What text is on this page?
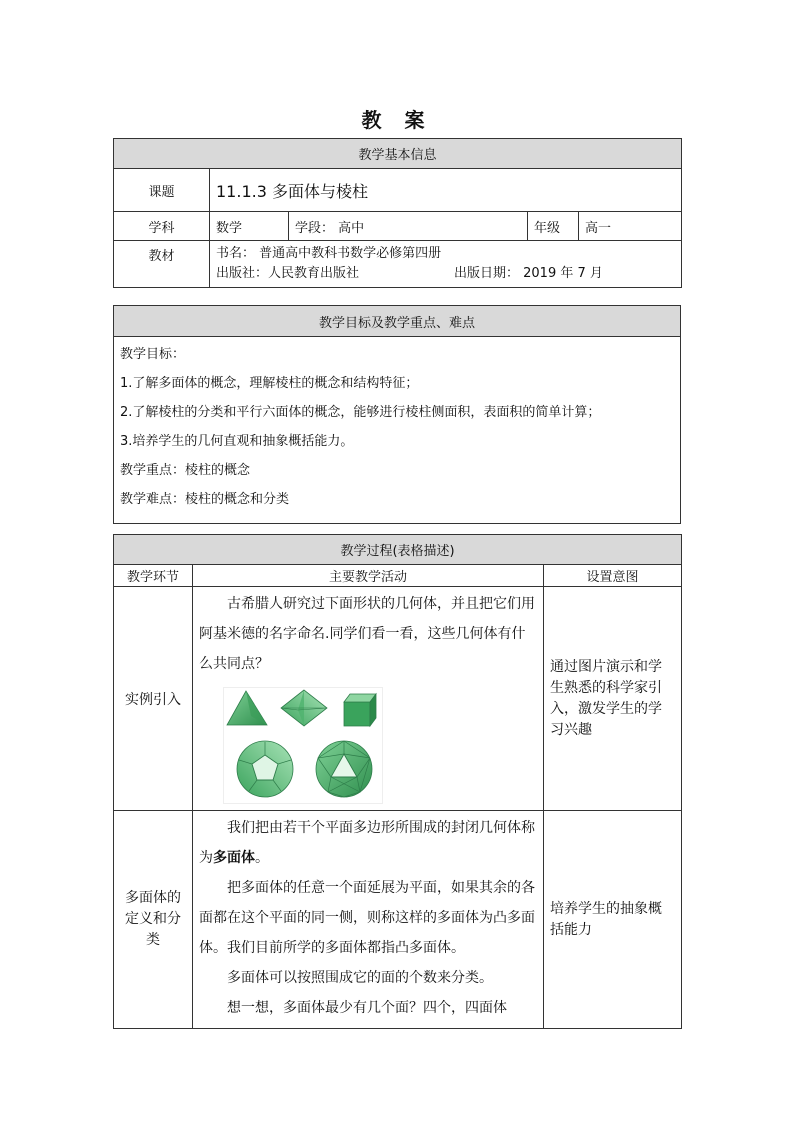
教 案
教学基本信息				
课题	11.1.3 多面体与棱柱			
学科	数学	学段： 高中	年级	高一
教材	书名： 普通高中教科书数学必修第四册
出版社：人民教育出版社 出版日期： 2019 年 7 月			
教学目标及教学重点、难点

教学目标：
1.了解多面体的概念，理解棱柱的概念和结构特征；
2.了解棱柱的分类和平行六面体的概念，能够进行棱柱侧面积，表面积的简单计算；
3.培养学生的几何直观和抽象概括能力。
教学重点：棱柱的概念
教学难点：棱柱的概念和分类
教学过程(表格描述)		
教学环节	主要教学活动	设置意图
实例引入	古希腊人研究过下面形状的几何体，并且把它们用阿基米德的名字命名.同学们看一看，这些几何体有什么共同点？	通过图片演示和学生熟悉的科学家引入，激发学生的学习兴趣
多面体的定义和分类	我们把由若干个平面多边形所围成的封闭几何体称为多面体。

把多面体的任意一个面延展为平面，如果其余的各面都在这个平面的同一侧，则称这样的多面体为凸多面体。我们目前所学的多面体都指凸多面体。

多面体可以按照围成它的面的个数来分类。

想一想，多面体最少有几个面？四个，四面体	培养学生的抽象概括能力
